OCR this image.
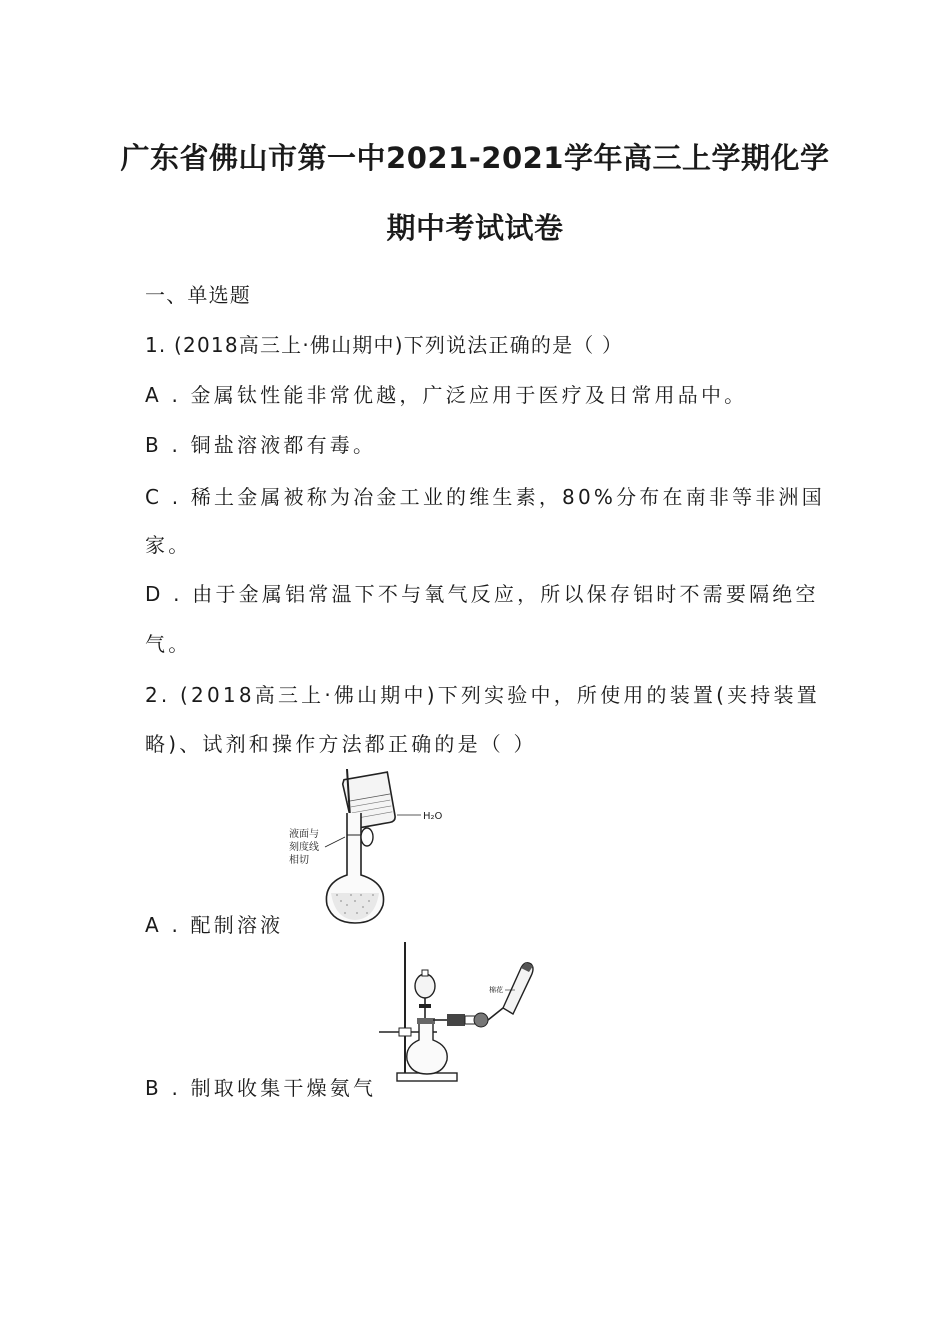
广东省佛山市第一中2021-2021学年高三上学期化学
期中考试试卷
一、单选题
1. (2018高三上·佛山期中)下列说法正确的是（ ）
A . 金属钛性能非常优越，广泛应用于医疗及日常用品中。
B . 铜盐溶液都有毒。
C . 稀土金属被称为冶金工业的维生素，80%分布在南非等非洲国
家。
D . 由于金属铝常温下不与氧气反应，所以保存铝时不需要隔绝空
气。
2. (2018高三上·佛山期中)下列实验中，所使用的装置(夹持装置
略)、试剂和操作方法都正确的是（ ）
液面与
刻度线
相切
H₂O
A . 配制溶液
棉花
B . 制取收集干燥氨气
